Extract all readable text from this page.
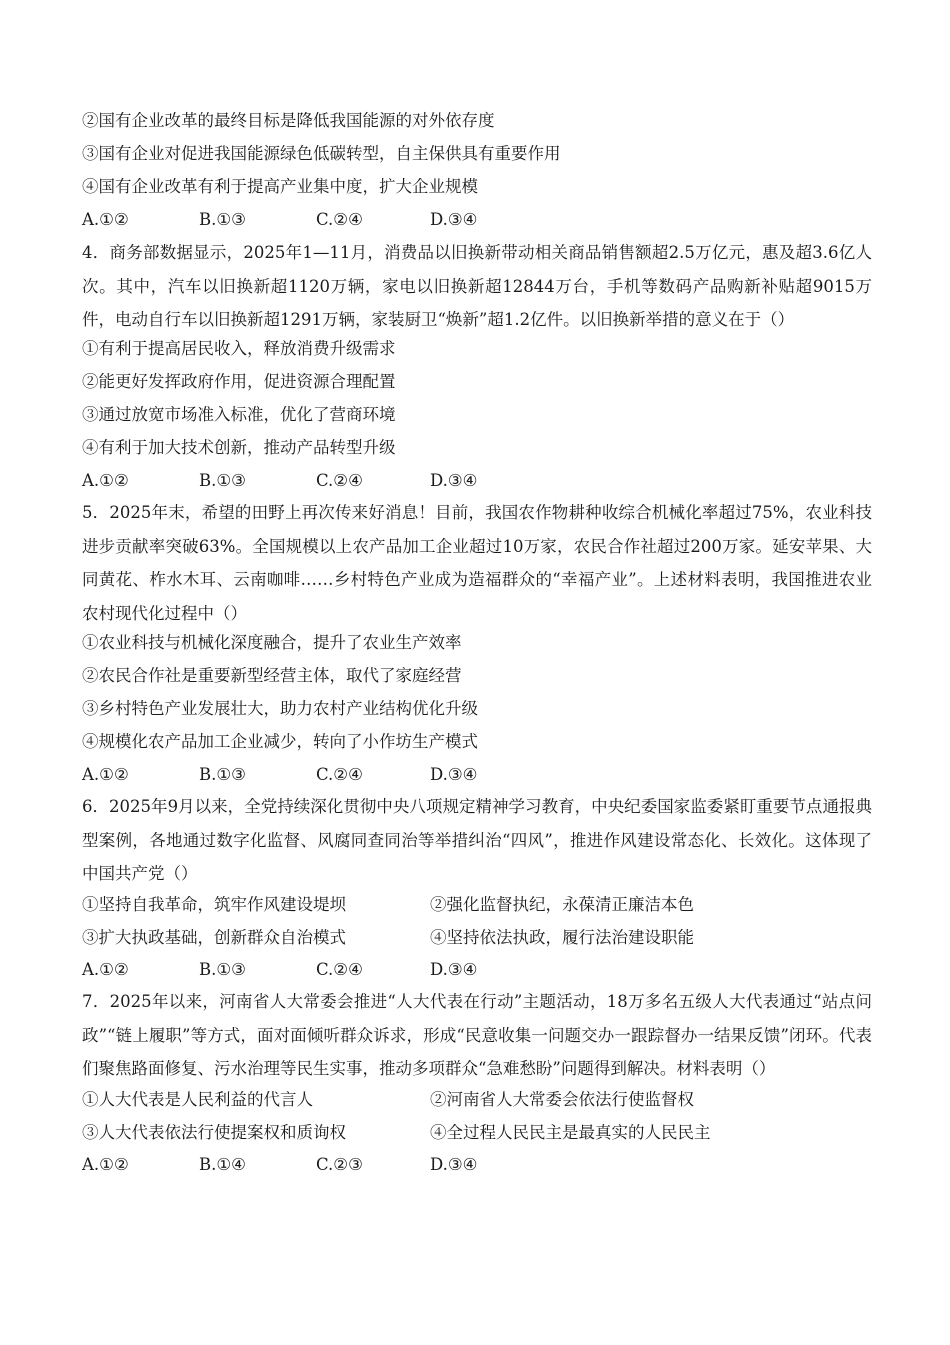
②国有企业改革的最终目标是降低我国能源的对外依存度
③国有企业对促进我国能源绿色低碳转型，自主保供具有重要作用
④国有企业改革有利于提高产业集中度，扩大企业规模
A.①②	B.①③	C.②④	D.③④
4．商务部数据显示，2025年1—11月，消费品以旧换新带动相关商品销售额超2.5万亿元，惠及超3.6亿人次。其中，汽车以旧换新超1120万辆，家电以旧换新超12844万台，手机等数码产品购新补贴超9015万件，电动自行车以旧换新超1291万辆，家装厨卫“焕新”超1.2亿件。以旧换新举措的意义在于（）
①有利于提高居民收入，释放消费升级需求
②能更好发挥政府作用，促进资源合理配置
③通过放宽市场准入标准，优化了营商环境
④有利于加大技术创新，推动产品转型升级
A.①②	B.①③	C.②④	D.③④
5．2025年末，希望的田野上再次传来好消息！目前，我国农作物耕种收综合机械化率超过75%，农业科技进步贡献率突破63%。全国规模以上农产品加工企业超过10万家，农民合作社超过200万家。延安苹果、大同黄花、柞水木耳、云南咖啡……乡村特色产业成为造福群众的“幸福产业”。上述材料表明，我国推进农业农村现代化过程中（）
①农业科技与机械化深度融合，提升了农业生产效率
②农民合作社是重要新型经营主体，取代了家庭经营
③乡村特色产业发展壮大，助力农村产业结构优化升级
④规模化农产品加工企业减少，转向了小作坊生产模式
A.①②	B.①③	C.②④	D.③④
6．2025年9月以来，全党持续深化贯彻中央八项规定精神学习教育，中央纪委国家监委紧盯重要节点通报典型案例，各地通过数字化监督、风腐同查同治等举措纠治“四风”，推进作风建设常态化、长效化。这体现了中国共产党（）
①坚持自我革命，筑牢作风建设堤坝	②强化监督执纪，永葆清正廉洁本色
③扩大执政基础，创新群众自治模式	④坚持依法执政，履行法治建设职能
A.①②	B.①③	C.②④	D.③④
7．2025年以来，河南省人大常委会推进“人大代表在行动”主题活动，18万多名五级人大代表通过“站点问政”“链上履职”等方式，面对面倾听群众诉求，形成“民意收集一问题交办一跟踪督办一结果反馈”闭环。代表们聚焦路面修复、污水治理等民生实事，推动多项群众“急难愁盼”问题得到解决。材料表明（）
①人大代表是人民利益的代言人	②河南省人大常委会依法行使监督权
③人大代表依法行使提案权和质询权	④全过程人民民主是最真实的人民民主
A.①②	B.①④	C.②③	D.③④
